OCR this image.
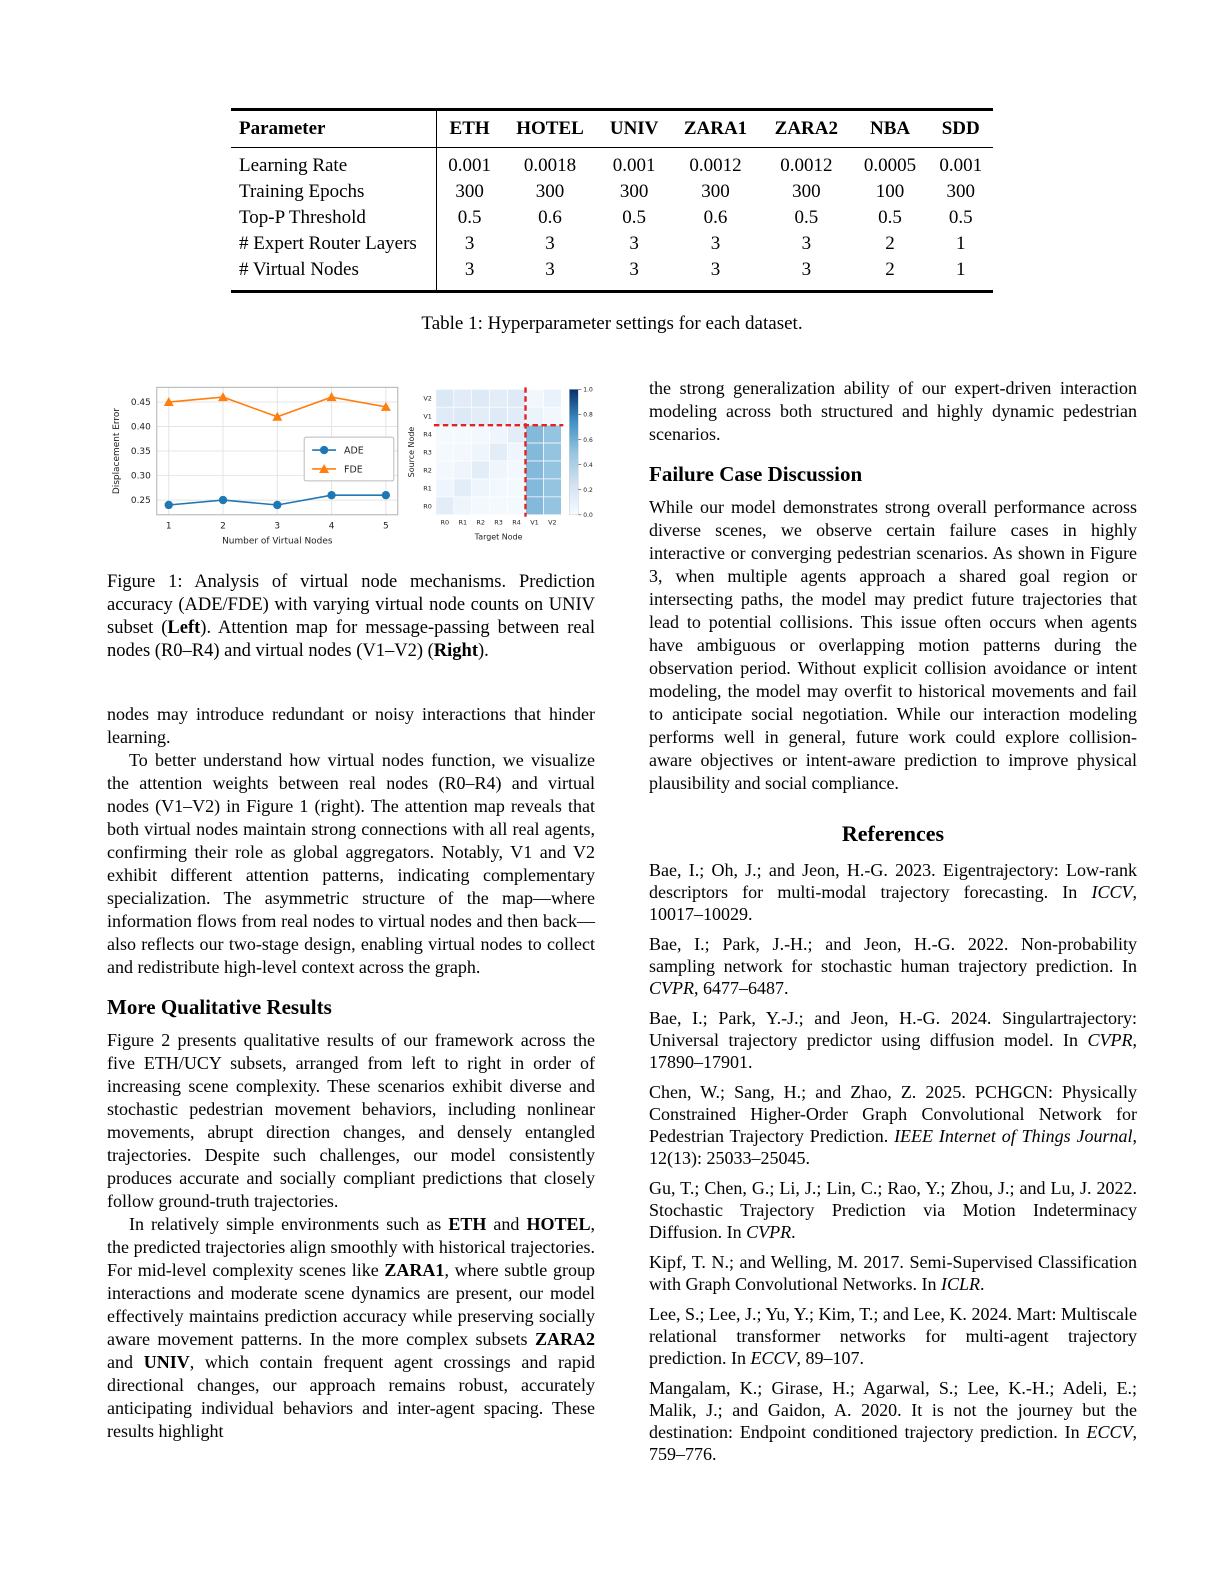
Parameter	ETH	HOTEL	UNIV	ZARA1	ZARA2	NBA	SDD
Learning Rate	0.001	0.0018	0.001	0.0012	0.0012	0.0005	0.001
Training Epochs	300	300	300	300	300	100	300
Top-P Threshold	0.5	0.6	0.5	0.6	0.5	0.5	0.5
# Expert Router Layers	3	3	3	3	3	2	1
# Virtual Nodes	3	3	3	3	3	2	1
Table 1: Hyperparameter settings for each dataset.
0.25
0.30
0.35
0.40
0.45
1	2	3	4	5
Number of Virtual Nodes
Displacement Error	ADE
FDE
V2
V1
R4
R3
R2
R1
R0
R0 R1 R2 R3 R4 V1 V2
Target Node
Source Node
0.0
0.2
0.4
0.6
0.8
1.0

Figure 1: Analysis of virtual node mechanisms. Prediction accuracy (ADE/FDE) with varying virtual node counts on UNIV subset (Left). Attention map for message-passing between real nodes (R0–R4) and virtual nodes (V1–V2) (Right).

nodes may introduce redundant or noisy interactions that hinder learning.

To better understand how virtual nodes function, we visualize the attention weights between real nodes (R0–R4) and virtual nodes (V1–V2) in Figure 1 (right). The attention map reveals that both virtual nodes maintain strong connections with all real agents, confirming their role as global aggregators. Notably, V1 and V2 exhibit different attention patterns, indicating complementary specialization. The asymmetric structure of the map—where information flows from real nodes to virtual nodes and then back—also reflects our two-stage design, enabling virtual nodes to collect and redistribute high-level context across the graph.

More Qualitative Results

Figure 2 presents qualitative results of our framework across the five ETH/UCY subsets, arranged from left to right in order of increasing scene complexity. These scenarios exhibit diverse and stochastic pedestrian movement behaviors, including nonlinear movements, abrupt direction changes, and densely entangled trajectories. Despite such challenges, our model consistently produces accurate and socially compliant predictions that closely follow ground-truth trajectories.

In relatively simple environments such as ETH and HOTEL, the predicted trajectories align smoothly with historical trajectories. For mid-level complexity scenes like ZARA1, where subtle group interactions and moderate scene dynamics are present, our model effectively maintains prediction accuracy while preserving socially aware movement patterns. In the more complex subsets ZARA2 and UNIV, which contain frequent agent crossings and rapid directional changes, our approach remains robust, accurately anticipating individual behaviors and inter-agent spacing. These results highlight

the strong generalization ability of our expert-driven interaction modeling across both structured and highly dynamic pedestrian scenarios.

Failure Case Discussion

While our model demonstrates strong overall performance across diverse scenes, we observe certain failure cases in highly interactive or converging pedestrian scenarios. As shown in Figure 3, when multiple agents approach a shared goal region or intersecting paths, the model may predict future trajectories that lead to potential collisions. This issue often occurs when agents have ambiguous or overlapping motion patterns during the observation period. Without explicit collision avoidance or intent modeling, the model may overfit to historical movements and fail to anticipate social negotiation. While our interaction modeling performs well in general, future work could explore collision-aware objectives or intent-aware prediction to improve physical plausibility and social compliance.

References

Bae, I.; Oh, J.; and Jeon, H.-G. 2023. Eigentrajectory: Low-rank descriptors for multi-modal trajectory forecasting. In ICCV, 10017–10029.

Bae, I.; Park, J.-H.; and Jeon, H.-G. 2022. Non-probability sampling network for stochastic human trajectory prediction. In CVPR, 6477–6487.

Bae, I.; Park, Y.-J.; and Jeon, H.-G. 2024. Singulartrajectory: Universal trajectory predictor using diffusion model. In CVPR, 17890–17901.

Chen, W.; Sang, H.; and Zhao, Z. 2025. PCHGCN: Physically Constrained Higher-Order Graph Convolutional Network for Pedestrian Trajectory Prediction. IEEE Internet of Things Journal, 12(13): 25033–25045.

Gu, T.; Chen, G.; Li, J.; Lin, C.; Rao, Y.; Zhou, J.; and Lu, J. 2022. Stochastic Trajectory Prediction via Motion Indeterminacy Diffusion. In CVPR.

Kipf, T. N.; and Welling, M. 2017. Semi-Supervised Classification with Graph Convolutional Networks. In ICLR.

Lee, S.; Lee, J.; Yu, Y.; Kim, T.; and Lee, K. 2024. Mart: Multiscale relational transformer networks for multi-agent trajectory prediction. In ECCV, 89–107.

Mangalam, K.; Girase, H.; Agarwal, S.; Lee, K.-H.; Adeli, E.; Malik, J.; and Gaidon, A. 2020. It is not the journey but the destination: Endpoint conditioned trajectory prediction. In ECCV, 759–776.
